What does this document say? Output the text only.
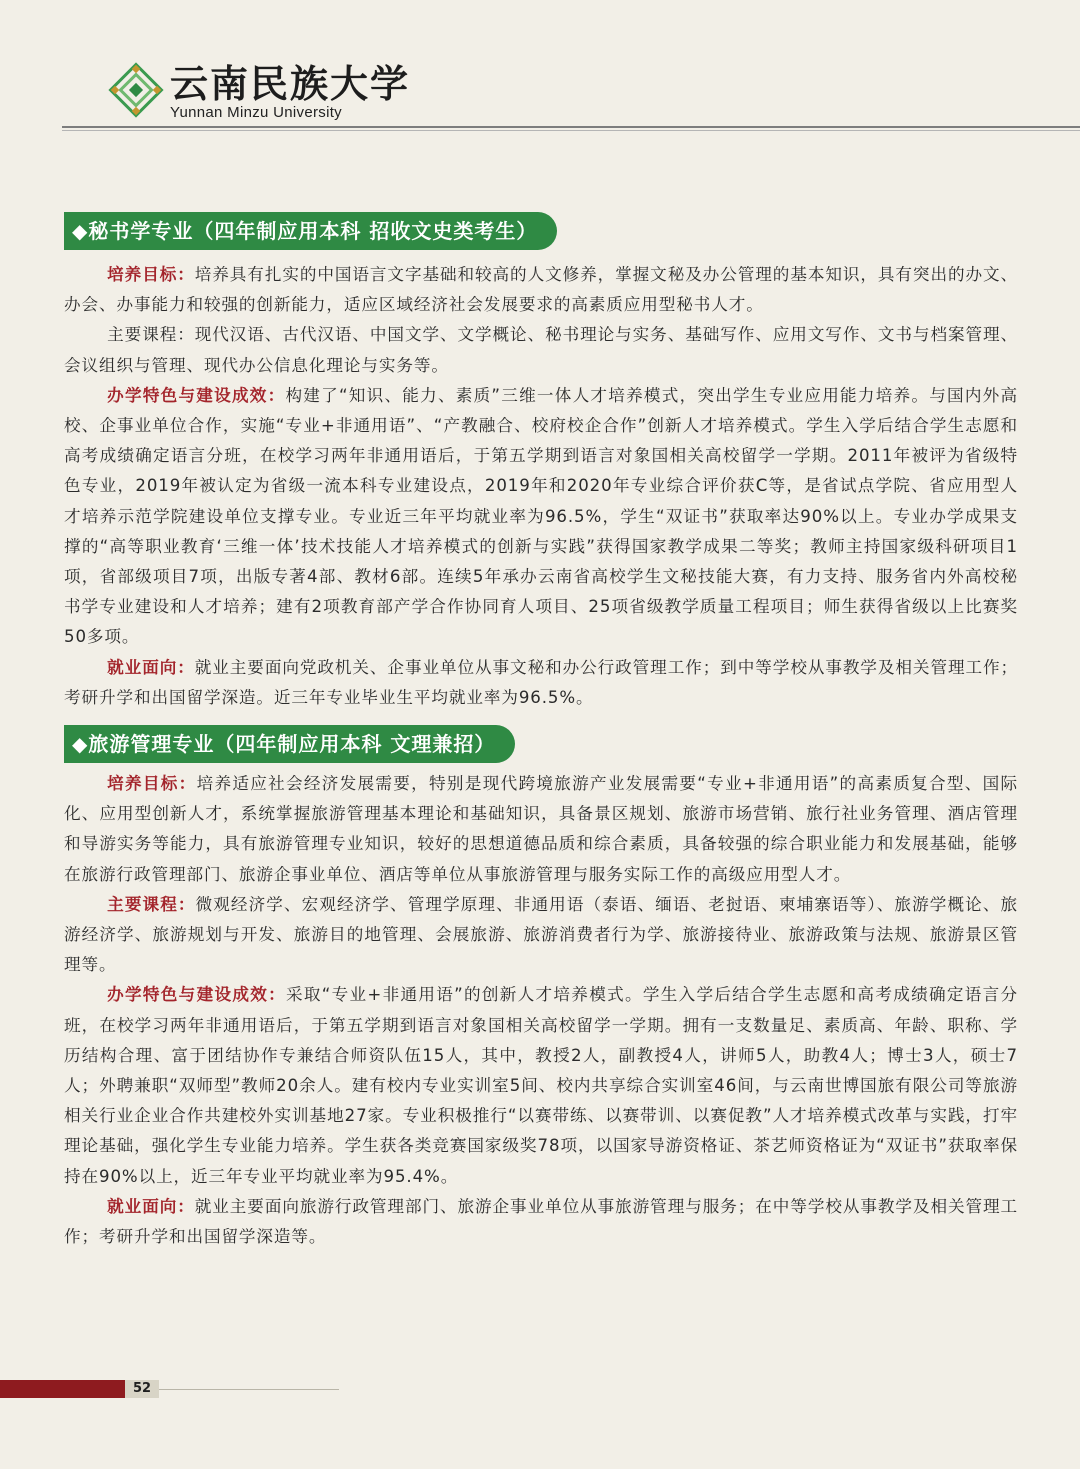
云南民族大学
Yunnan Minzu University
◆秘书学专业（四年制应用本科 招收文史类考生）

培养目标：培养具有扎实的中国语言文字基础和较高的人文修养，掌握文秘及办公管理的基本知识，具有突出的办文、办会、办事能力和较强的创新能力，适应区域经济社会发展要求的高素质应用型秘书人才。

主要课程：现代汉语、古代汉语、中国文学、文学概论、秘书理论与实务、基础写作、应用文写作、文书与档案管理、会议组织与管理、现代办公信息化理论与实务等。

办学特色与建设成效：构建了“知识、能力、素质”三维一体人才培养模式，突出学生专业应用能力培养。与国内外高校、企事业单位合作，实施“专业+非通用语”、“产教融合、校府校企合作”创新人才培养模式。学生入学后结合学生志愿和高考成绩确定语言分班，在校学习两年非通用语后，于第五学期到语言对象国相关高校留学一学期。2011年被评为省级特色专业，2019年被认定为省级一流本科专业建设点，2019年和2020年专业综合评价获C等，是省试点学院、省应用型人才培养示范学院建设单位支撑专业。专业近三年平均就业率为96.5%，学生“双证书”获取率达90%以上。专业办学成果支撑的“高等职业教育‘三维一体’技术技能人才培养模式的创新与实践”获得国家教学成果二等奖；教师主持国家级科研项目1项，省部级项目7项，出版专著4部、教材6部。连续5年承办云南省高校学生文秘技能大赛，有力支持、服务省内外高校秘书学专业建设和人才培养；建有2项教育部产学合作协同育人项目、25项省级教学质量工程项目；师生获得省级以上比赛奖50多项。

就业面向：就业主要面向党政机关、企事业单位从事文秘和办公行政管理工作；到中等学校从事教学及相关管理工作；考研升学和出国留学深造。近三年专业毕业生平均就业率为96.5%。

◆旅游管理专业（四年制应用本科 文理兼招）

培养目标：培养适应社会经济发展需要，特别是现代跨境旅游产业发展需要“专业+非通用语”的高素质复合型、国际化、应用型创新人才，系统掌握旅游管理基本理论和基础知识，具备景区规划、旅游市场营销、旅行社业务管理、酒店管理和导游实务等能力，具有旅游管理专业知识，较好的思想道德品质和综合素质，具备较强的综合职业能力和发展基础，能够在旅游行政管理部门、旅游企事业单位、酒店等单位从事旅游管理与服务实际工作的高级应用型人才。

主要课程：微观经济学、宏观经济学、管理学原理、非通用语（泰语、缅语、老挝语、柬埔寨语等）、旅游学概论、旅游经济学、旅游规划与开发、旅游目的地管理、会展旅游、旅游消费者行为学、旅游接待业、旅游政策与法规、旅游景区管理等。

办学特色与建设成效：采取“专业+非通用语”的创新人才培养模式。学生入学后结合学生志愿和高考成绩确定语言分班，在校学习两年非通用语后，于第五学期到语言对象国相关高校留学一学期。拥有一支数量足、素质高、年龄、职称、学历结构合理、富于团结协作专兼结合师资队伍15人，其中，教授2人，副教授4人，讲师5人，助教4人；博士3人，硕士7人；外聘兼职“双师型”教师20余人。建有校内专业实训室5间、校内共享综合实训室46间，与云南世博国旅有限公司等旅游相关行业企业合作共建校外实训基地27家。专业积极推行“以赛带练、以赛带训、以赛促教”人才培养模式改革与实践，打牢理论基础，强化学生专业能力培养。学生获各类竞赛国家级奖78项，以国家导游资格证、茶艺师资格证为“双证书”获取率保持在90%以上，近三年专业平均就业率为95.4%。

就业面向：就业主要面向旅游行政管理部门、旅游企事业单位从事旅游管理与服务；在中等学校从事教学及相关管理工作；考研升学和出国留学深造等。

52
